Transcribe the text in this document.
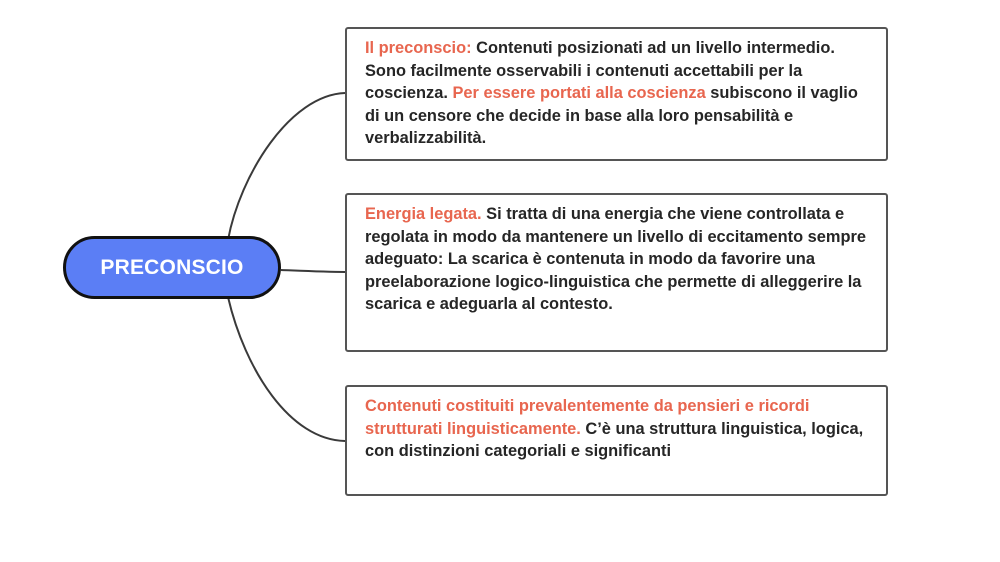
PRECONSCIO
Il preconscio: Contenuti posizionati ad un livello intermedio. Sono facilmente osservabili i contenuti accettabili per la coscienza. Per essere portati alla coscienza subiscono il vaglio di un censore che decide in base alla loro pensabilità e verbalizzabilità.
Energia legata. Si tratta di una energia che viene controllata e regolata in modo da mantenere un livello di eccitamento sempre adeguato: La scarica è contenuta in modo da favorire una preelaborazione logico-linguistica che permette di alleggerire la scarica e adeguarla al contesto.
Contenuti costituiti prevalentemente da pensieri e ricordi strutturati linguisticamente. C’è una struttura linguistica, logica, con distinzioni categoriali e significanti
